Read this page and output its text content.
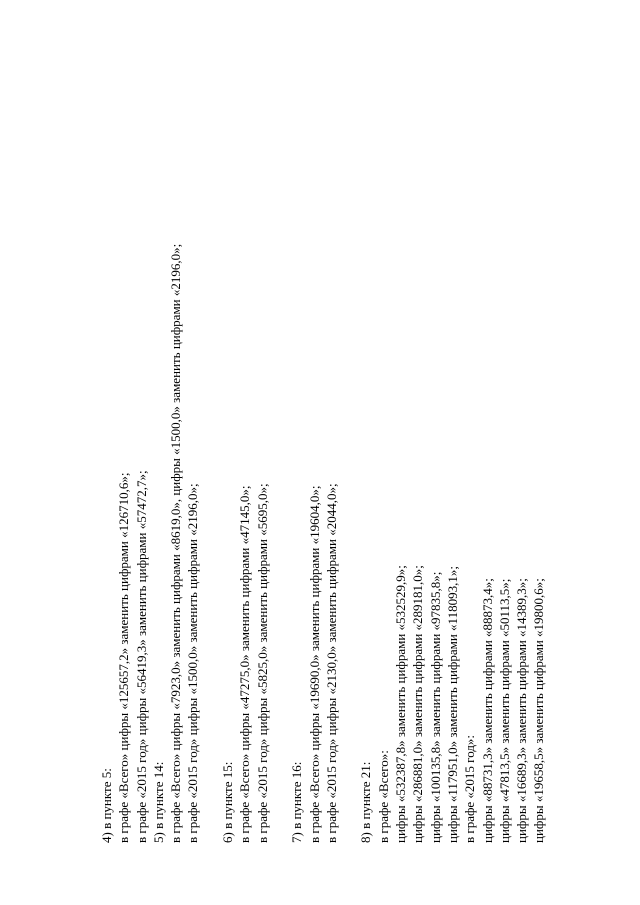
4) в пункте 5: в графе «Всего» цифры «125657,2» заменить цифрами «126710,6»; в графе «2015 год» цифры «56419,3» заменить цифрами «57472,7»; 5) в пункте 14: в графе «Всего» цифры «7923,0» заменить цифрами «8619,0», цифры «1500,0» заменить цифрами «2196,0»; в графе «2015 год» цифры «1500,0» заменить цифрами «2196,0»; 6) в пункте 15: в графе «Всего» цифры «47275,0» заменить цифрами «47145,0»; в графе «2015 год» цифры «5825,0» заменить цифрами «5695,0»; 7) в пункте 16: в графе «Всего» цифры «19690,0» заменить цифрами «19604,0»; в графе «2015 год» цифры «2130,0» заменить цифрами «2044,0»; 8) в пункте 21: в графе «Всего»: цифры «532387,8» заменить цифрами «532529,9»; цифры «286881,0» заменить цифрами «289181,0»; цифры «100135,8» заменить цифрами «97835,8»; цифры «117951,0» заменить цифрами «118093,1»; в графе «2015 год»: цифры «88731,3» заменить цифрами «88873,4»; цифры «47813,5» заменить цифрами «50113,5»; цифры «16689,3» заменить цифрами «14389,3»; цифры «19658,5» заменить цифрами «19800,6»;
